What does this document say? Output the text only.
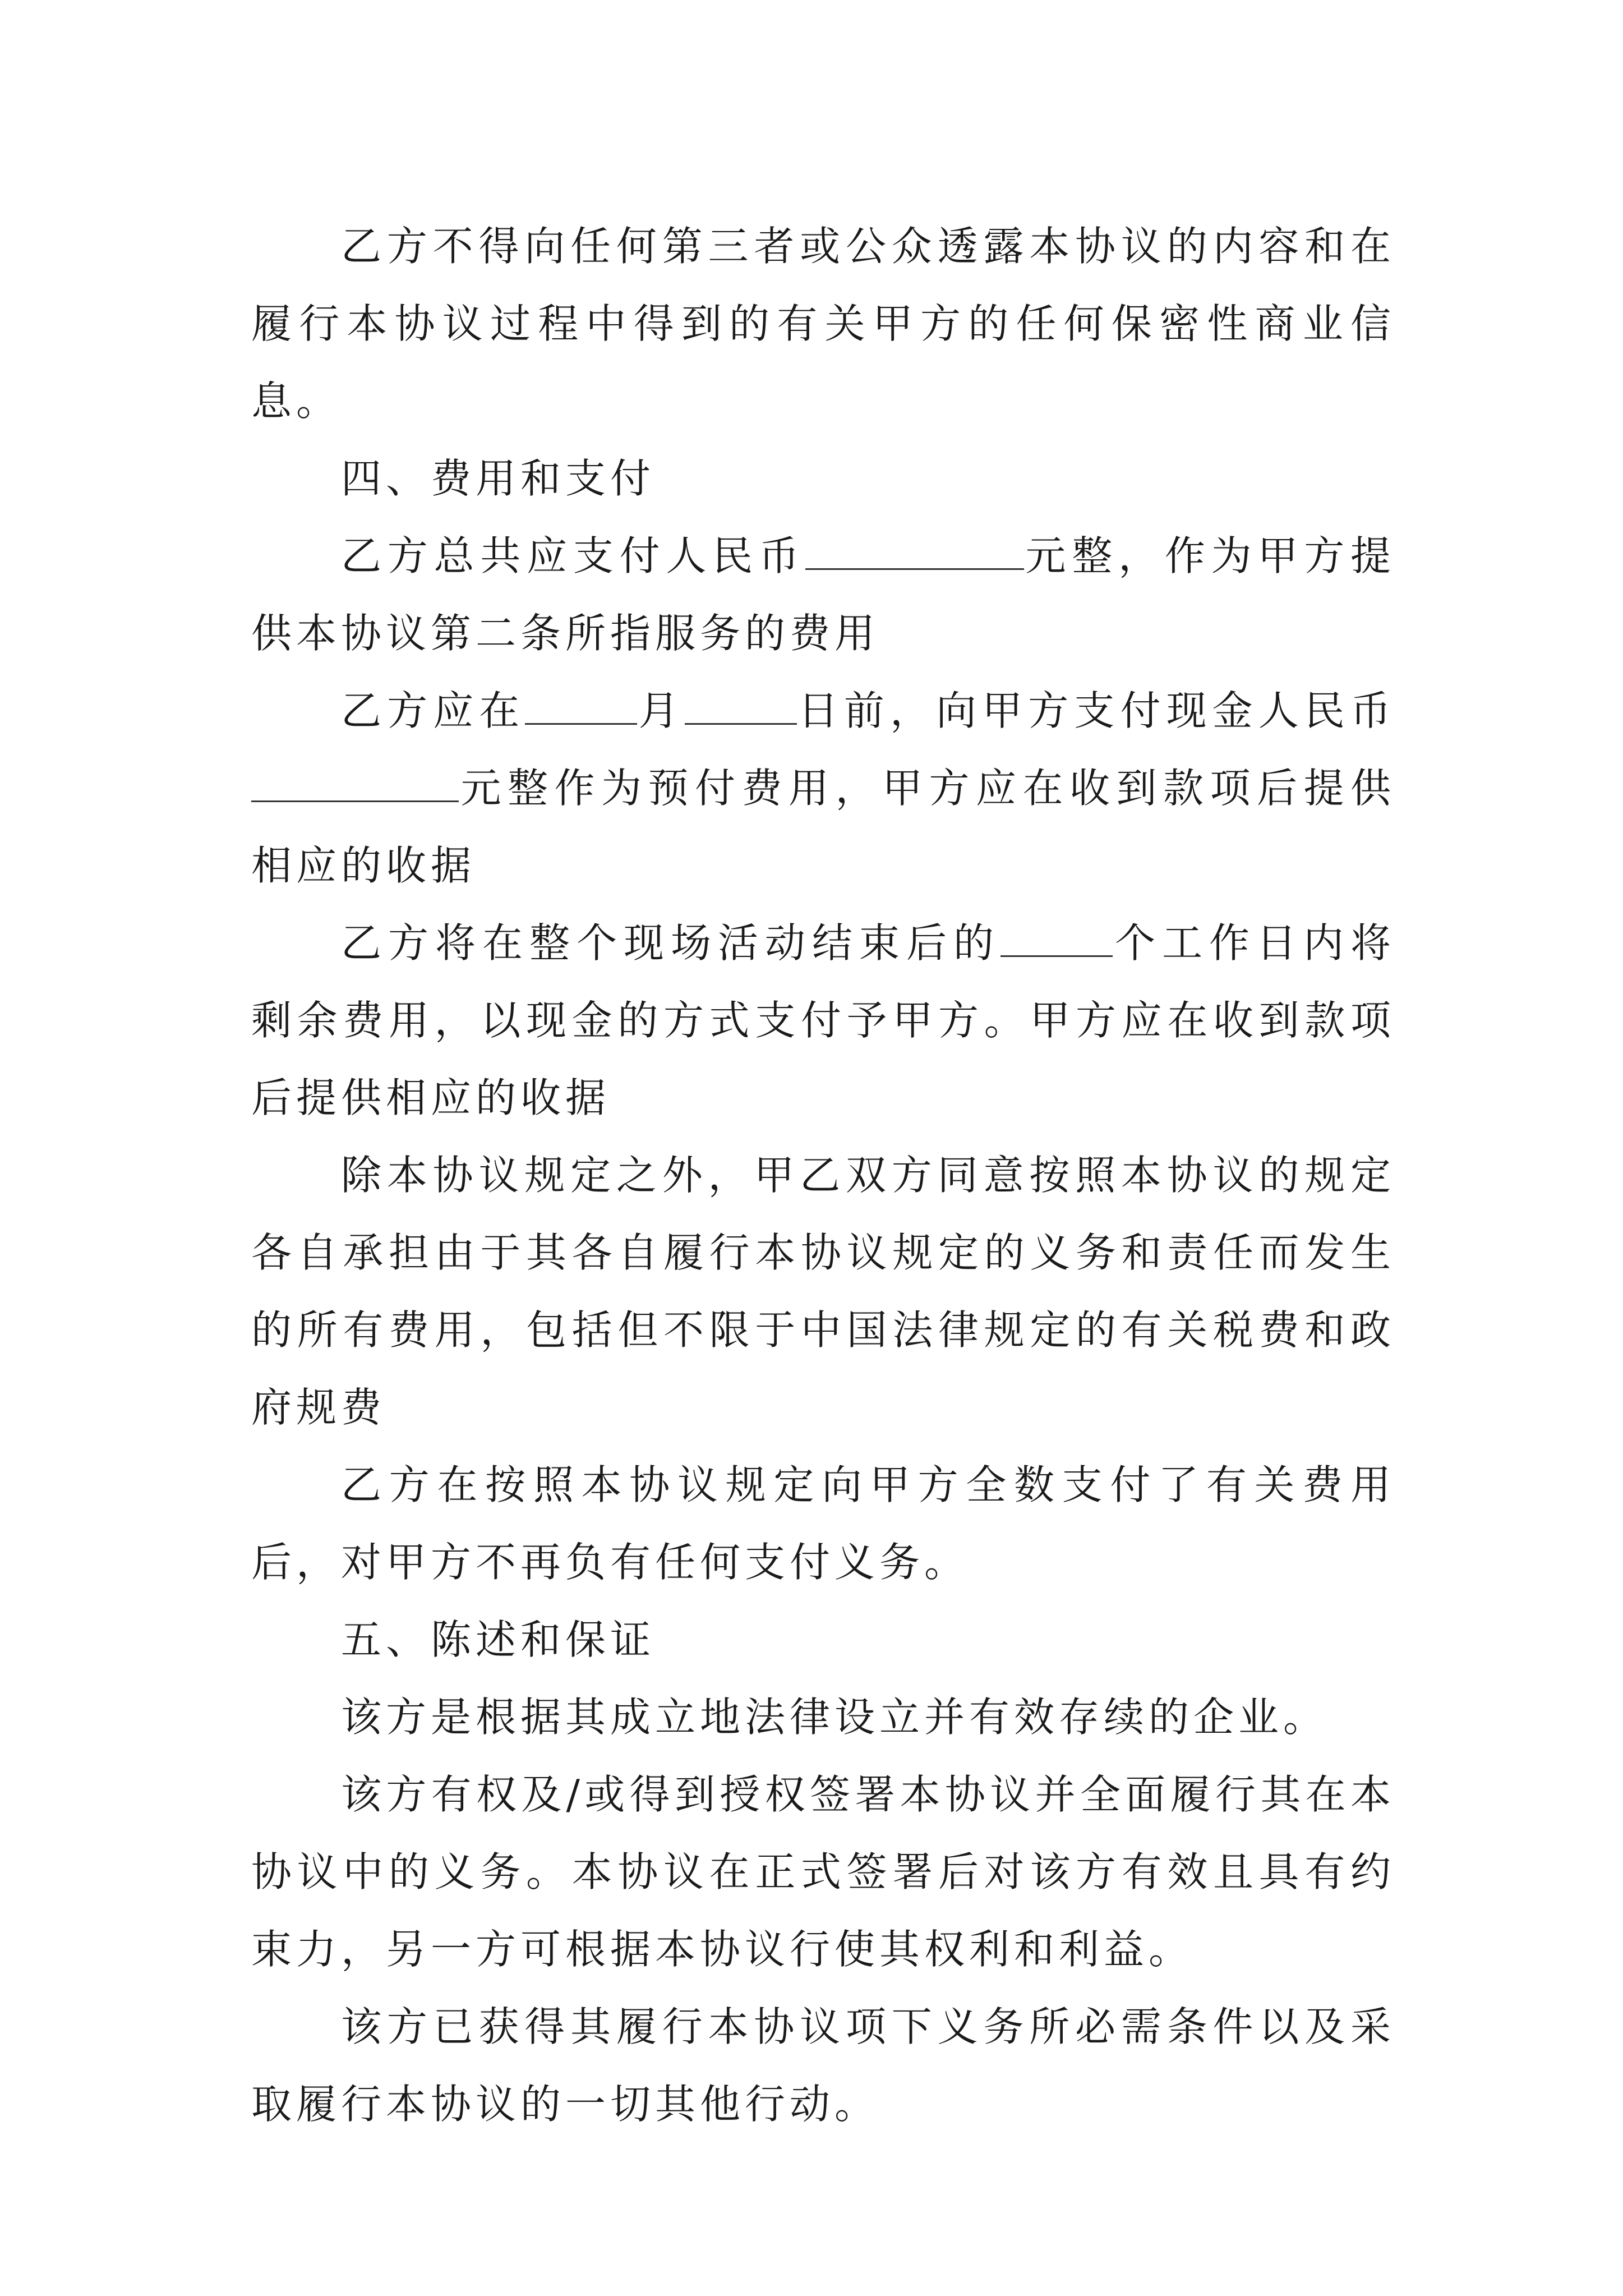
乙方不得向任何第三者或公众透露本协议的内容和在履行本协议过程中得到的有关甲方的任何保密性商业信息。

四、费用和支付

乙方总共应支付人民币	元整，作为甲方提供本协议第二条所指服务的费用

乙方应在	月	日前，向甲方支付现金人民币元整作为预付费用，甲方应在收到款项后提供相应的收据

乙方将在整个现场活动结束后的	个工作日内将剩余费用，以现金的方式支付予甲方。甲方应在收到款项后提供相应的收据

除本协议规定之外，甲乙双方同意按照本协议的规定各自承担由于其各自履行本协议规定的义务和责任而发生的所有费用，包括但不限于中国法律规定的有关税费和政府规费

乙方在按照本协议规定向甲方全数支付了有关费用后，对甲方不再负有任何支付义务。

五、陈述和保证

该方是根据其成立地法律设立并有效存续的企业。

该方有权及/或得到授权签署本协议并全面履行其在本协议中的义务。本协议在正式签署后对该方有效且具有约束力，另一方可根据本协议行使其权利和利益。

该方已获得其履行本协议项下义务所必需条件以及采取履行本协议的一切其他行动。
